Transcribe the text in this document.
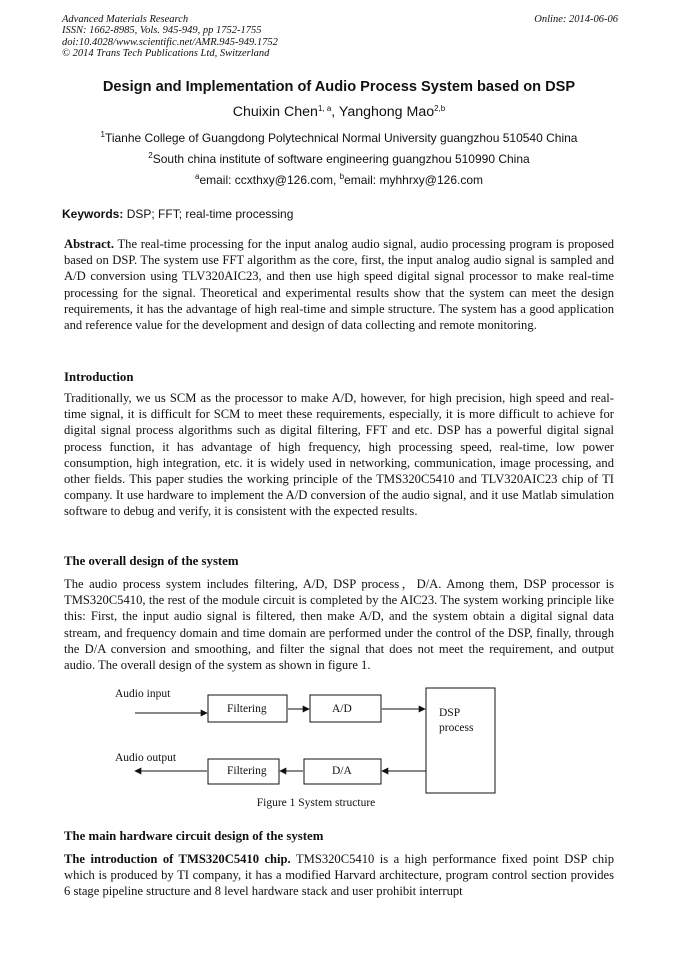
Advanced Materials Research
ISSN: 1662-8985, Vols. 945-949, pp 1752-1755
doi:10.4028/www.scientific.net/AMR.945-949.1752
© 2014 Trans Tech Publications Ltd, Switzerland
Online: 2014-06-06
Design and Implementation of Audio Process System based on DSP
Chuixin Chen$^{1, a}$, Yanghong Mao$^{2,b}$
$^1$Tianhe College of Guangdong Polytechnical Normal University guangzhou 510540 China
$^2$South china institute of software engineering guangzhou 510990 China
$^a$email: ccxthxy@126.com, $^b$email: myhhrxy@126.com
Keywords: DSP; FFT; real-time processing

Abstract. The real-time processing for the input analog audio signal, audio processing program is proposed based on DSP. The system use FFT algorithm as the core, first, the input analog audio signal is sampled and A/D conversion using TLV320AIC23, and then use high speed digital signal processor to make real-time processing for the signal. Theoretical and experimental results show that the system can meet the design requirements, it has the advantage of high real-time and simple structure. The system has a good application and reference value for the development and design of data collecting and remote monitoring.

Introduction

Traditionally, we us SCM as the processor to make A/D, however, for high precision, high speed and real-time signal, it is difficult for SCM to meet these requirements, especially, it is more difficult to achieve for digital signal process algorithms such as digital filtering, FFT and etc. DSP has a powerful digital signal process function, it has advantage of high frequency, high processing speed, real-time, low power consumption, high integration, etc. it is widely used in networking, communication, image processing, and other fields. This paper studies the working principle of the TMS320C5410 and TLV320AIC23 chip of TI company. It use hardware to implement the A/D conversion of the audio signal, and it use Matlab simulation software to debug and verify, it is consistent with the expected results.

The overall design of the system

The audio process system includes filtering, A/D, DSP process，D/A. Among them, DSP processor is TMS320C5410, the rest of the module circuit is completed by the AIC23. The system working principle like this: First, the input audio signal is filtered, then make A/D, and the system obtain a digital signal data stream, and frequency domain and time domain are performed under the control of the DSP, finally, through the D/A conversion and smoothing, and filter the signal that does not meet the requirement, and output audio. The overall design of the system as shown in figure 1.

Audio input
Audio output
Filtering	A/D	DSP
process
Filtering	D/A
Figure 1 System structure
The main hardware circuit design of the system

The introduction of TMS320C5410 chip. TMS320C5410 is a high performance fixed point DSP chip which is produced by TI company, it has a modified Harvard architecture, program control section provides 6 stage pipeline structure and 8 level hardware stack and user prohibit interrupt
